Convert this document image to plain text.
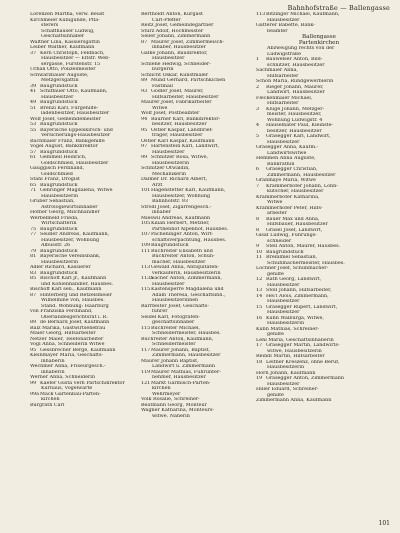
Bahnhofstraße — Ballengasse
Lorenzen Martha, verw. Beust
Kirchmeier Kunigunde, Pflä-
sterers
Schaffhauser Ludwig,
Geschäftsinhaber
Walther Lina, Kassiersgattin
Leiber Walther, Kaufmann
37 Kern Christoph, Feldbach,
Hausbesitzer — Eltstr. Web-
sergasse, Fürstenstr. 15
Urban Otto, Polizeimeister
Schwarzbauer Auguste,
Metzgersgattin
39 Baugrundstück
41 Schiffauer Otto, Kaufmann,
Hausbesitzer
49 Baugrundstück
51 Brenzi Karl, Fürgehilfe-
ladenbesitzer, Hausbesitzer
Wolf Josef, Gemeindemeister
53 Baugrundstück
55 Bayerische Eppelskirsch- und
Versicherungs-Hausbesitzer
Bachmaier Franz, Bankgehilfe
Vogel August, Bankdirektor
57 Baugrundstück
61 Gemmell Heinrich,
Goldschmied, Hausbesitzer
Gauggisch Ferdinand,
Goldschmied
Stahl Franz, Drogist
65 Baugrundstück
71 Gehringer Magdalena, Witwe
Hausbesitzerin
Gruber Sebastian,
Astrologiewirtsinhaber
Hofner Georg, Milchhändler
Werbelmeld Frieda,
Wirtschafterin
75 Baugrundstück
77 Seidler Andreas, Kaufmann,
Hausbesitzer, Wohnung
Albusstr. 26
79 Baugrundstück
81 Bayerische Vereinsbank,
Hausbesitzerin
Adler Richard, Kassierer
83 Baugrundstück
85 Bischoff Karl jr., Kaufmann
und Kohlenhändler, Hausbes.
Bischoff Karl sen., Kaufmann
87 Hinterberg und Retzelsmeier
Wilhelmine von, Hausbes.
Stand. Wohnung: Haarburg
von Franziska Ferdinand,
Oberlandesgerichtsrat i. R.
89 de Bernard Josef, Kaufmann
Balz Marika, Gastwirtsehefrau
Maier Georg, Hilfsarbeiter
Netzer Maier, Telefonarbeiter
Vogl Anna, Schneiderin Witwe
95 Gessbrecher Berge, Kaufmann
Kleinmayer Maria, Geschäfts-
inhaberin
Wechmer Anna, Friseurgesch.-
inhaberin
Werner Anna, Schneiderin
99 Kaefer Gusta verh Partschdirektor
Kurhaus, Vogelwarte
99aMack Gartenbau-Parten-
kirchen
Burgrath Carl
Bertholdt Anton, Kurgast
Carl-Pfeffer
Reitz Josef, Gemeindegärtner
Sturz Adolf, Hochmeister
Seiler Johann, Zimmermann
87 Maurer Josef, Zimmermeisch-
inhaber, Hausbesitzer
Gafke Johann, Baudirektor,
Hausbesitzer
Schlehe Hedwig, Schneider-
bürgerin
Schlicht Oskar, Kunstmaler
89 Mund Gerhard, Partschkichen
Fastmail
93 Gödler Josef, Maurer,
Hilfsarbeiter, Hausbesitzer
Maurer Josef, Fabrikarbeiter
Witwe
Wolf Josef, Postbeamter
94 Baurner Karl, Bankdirektor-
besitzer, Hausbesitzer
95 Ostler Kaspar, Landbrief-
träger, Hausbesitzer
Ostler Karl Kaspar, Kaufmann
97 Hartenstein Karl, Landwirt,
Hausbesitzer
99 Schnitzer Rosa, Witwe,
Hausbesitzerin
Schnitzer Otwaldin,
Mechanikerin
Dalmer Dr. Richard Albert,
Arzt
101Hagenstetter Karl, Kaufmann,
Hausbesitzer, Wohnung
Bahnhofstr. 93
Strodl Josef, Zigarrengesch.-
inhaber
Mieswil Andreas, Kaufmann
105Kilian Herbert, Metzler,
Parthenhof Alpenhof, Hausbes.
107Pacheninger Anton, Wirt-
schaftsverpachtung, Hausbes.
109Baugrundstück
111Buchreiter Elisabeth und
Buchreiter Anton, Schuh-
macher, Hausbesitzer
113Gewald Anna, Antiquitäten-
verkäuferin, Hausbesitzerin
113aSacher Anton, Zimmermann,
Hausbesitzer
115Kastensperre Magdalena und
Adam Theresa, Geschäftsinh.,
Hausbesitzerinnen
Barrbeiter Josef, Geschäfts-
führer
Seidel Karl, Fotografen-
geschäftsinhaber
115Buchreiter Michael,
Schneidermeister, Hausbes.
Buchreiter Anton, Kaufmann,
Schneidermeister
117Maurer Johann, Baptist,
Zimmermann, Hausbesitzer
Maurer Johann Baptist,
Landwirt u. Zimmermann
119Maurer Mathias, Fuhrunter-
nehmer, Hausbesitzer
121Markt Garmisch-Parten-
kirchen
Wehrmeyer
Volk Rosalie, Schreiner-
Beatmann Georg, Monteur
Wagner Katharina, Monteurs-
witwe, Näherin
113Bitzinger Michael, Kaufmann,
Hausbesitzer
Gatterer Babette, Bank-
beamter
Ballengasse
Partenkirchen
Abzweigung rechts von der
Ludwigstraße
1 Bauwelser Anton, Bild-
schnitzer, Hausbesitzer
Sachmaier Anna,
Hilfsarbeiter
Schön Maria, Rundgewerblerin
2 Rieger Johann, Maurer,
Landwirt, Hausbesitzer
Fleckenmaier Michael,
Hilfsarbeiter
3 Kluge Johann, Metzger-
meister, Hausbesitzer,
Wohnung Ludwigstr. 4
4 Hauselnater Paul, Kleinste-
besitzer, Hausbesitzer
5 Grasegger Karl, Landwirt,
Hausbesitzer
Grasegger Anna, Kaufm.-
Landwirtswitwe
Hemmen Anna Auguste,
Bankrathin
6 Grasegger Christian,
Zimmermann, Hausbesitzer
Grahmaye Maria, Witwe
7 Krammerbofer Johann, Lohn-
kutscher, Hausbesitzer
Krammerbofer Katharina,
Witwe
Krammerhofer Peter, Hilfs-
arbeiter
8 Bauer Max und Anna,
Hilfsbauer, Hausbesitzer
8 Grasel Josef, Landwirt,
Gisaf Ludwig, Führungs-
schneider
9 Stell Anton, Maurer, Hausbes.
10 Baugrundstück
11 Breinlmel Sebastian,
Schuhmachermeister, Hausbes.
Lochner Josef, Schuhmacher-
gehilfe
12 Rath Georg, Landwirt,
Hausbesitzer
13 Stoll Johann, Hilfsarbeiter,
14 Hei'l Alois, Zimmermann,
Hausbesitzer
15 Grasegger Rupert, Landwirt,
Hausbesitzer
16 Kuhn Walburga, Witwe,
Hausbesitzerin
Kuhn Mathias, Schreiner-
gehilfe
Lehl Maria, Geschäftsinhaberin
17 Grasegger Martin, Landwirts-
witwe, Hausbesitzerin
Reindl Martin, Hilfsarbeiter
18 Leitner Kreszenz, ohne Beruf,
Hausbesitzerin
Horn Johann, Kaufmann
19 Grasegger Anton, Zimmermann
Hausbesitzer
Hiller Eduard, Schreiner-
gehilfe
Zimmermann Anna, Kaufmann
101
